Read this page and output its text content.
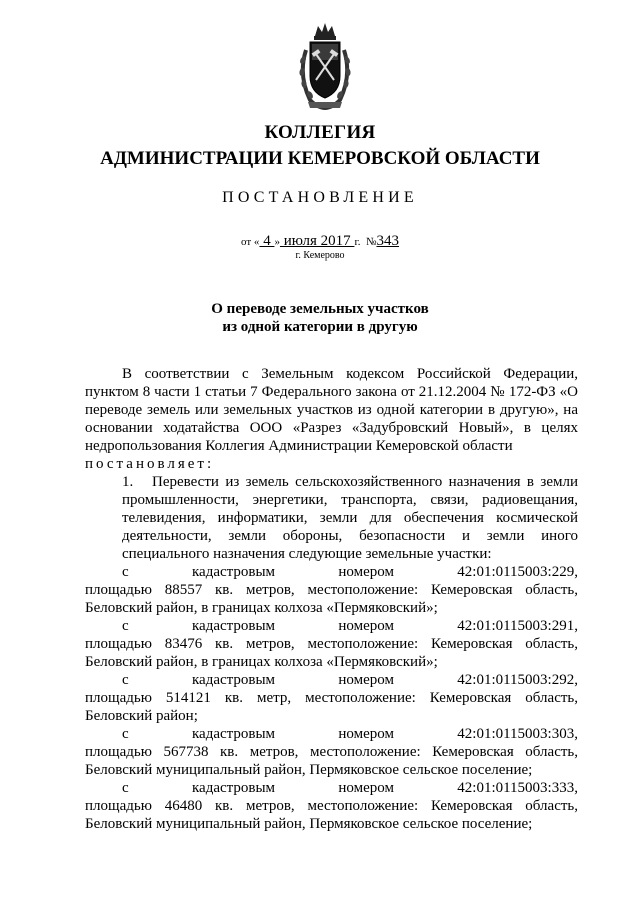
КОЛЛЕГИЯ
АДМИНИСТРАЦИИ КЕМЕРОВСКОЙ ОБЛАСТИ
ПОСТАНОВЛЕНИЕ
от « 4 » июля 2017 г. №343
г. Кемерово
О переводе земельных участков
из одной категории в другую

В соответствии с Земельным кодексом Российской Федерации, пунктом 8 части 1 статьи 7 Федерального закона от 21.12.2004 № 172-ФЗ «О переводе земель или земельных участков из одной категории в другую», на основании ходатайства ООО «Разрез «Задубровский Новый», в целях недропользования Коллегия Администрации Кемеровской области

постановляет:

1. Перевести из земель сельскохозяйственного назначения в земли промышленности, энергетики, транспорта, связи, радиовещания, телевидения, информатики, земли для обеспечения космической деятельности, земли обороны, безопасности и земли иного специального назначения следующие земельные участки:

с	кадастровым	номером	42:01:0115003:229,

площадью 88557 кв. метров, местоположение: Кемеровская область, Беловский район, в границах колхоза «Пермяковский»;

с	кадастровым	номером	42:01:0115003:291,

площадью 83476 кв. метров, местоположение: Кемеровская область, Беловский район, в границах колхоза «Пермяковский»;

с	кадастровым	номером	42:01:0115003:292,

площадью 514121 кв. метр, местоположение: Кемеровская область, Беловский район;

с	кадастровым	номером	42:01:0115003:303,

площадью 567738 кв. метров, местоположение: Кемеровская область, Беловский муниципальный район, Пермяковское сельское поселение;

с	кадастровым	номером	42:01:0115003:333,

площадью 46480 кв. метров, местоположение: Кемеровская область, Беловский муниципальный район, Пермяковское сельское поселение;
